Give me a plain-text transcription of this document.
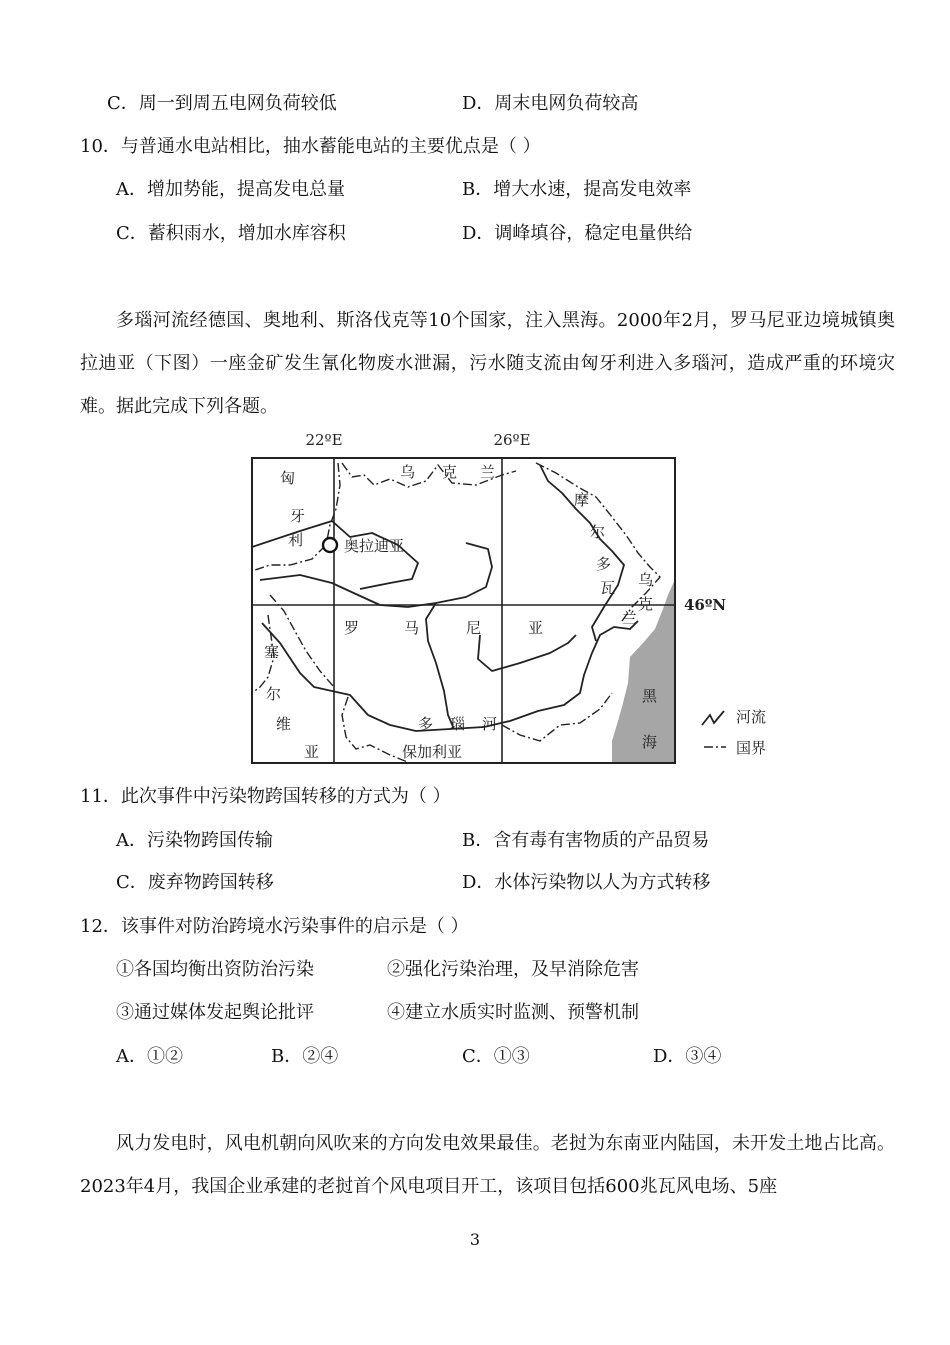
C．周一到周五电网负荷较低	D．周末电网负荷较高
10．与普通水电站相比，抽水蓄能电站的主要优点是（ ）
A．增加势能，提高发电总量	B．增大水速，提高发电效率
C．蓄积雨水，增加水库容积	D．调峰填谷，稳定电量供给
多瑙河流经德国、奥地利、斯洛伐克等10个国家，注入黑海。2000年2月，罗马尼亚边境城镇奥拉迪亚（下图）一座金矿发生氰化物废水泄漏，污水随支流由匈牙利进入多瑙河，造成严重的环境灾难。据此完成下列各题。
22ºE	26ºE
46ºN
匈
牙
利
乌 克 兰
摩
尔
多
瓦 乌
克
兰
奥拉迪亚
罗	马	尼	亚
塞
尔
维
亚
多 瑙 河
保加利亚
黑
海
河流
国界
11．此次事件中污染物跨国转移的方式为（ ）
A．污染物跨国传输	B．含有毒有害物质的产品贸易
C．废弃物跨国转移	D．水体污染物以人为方式转移
12．该事件对防治跨境水污染事件的启示是（ ）
①各国均衡出资防治污染	②强化污染治理，及早消除危害
③通过媒体发起舆论批评	④建立水质实时监测、预警机制
A．①②	B．②④	C．①③	D．③④
风力发电时，风电机朝向风吹来的方向发电效果最佳。老挝为东南亚内陆国，未开发土地占比高。2023年4月，我国企业承建的老挝首个风电项目开工，该项目包括600兆瓦风电场、5座
3
